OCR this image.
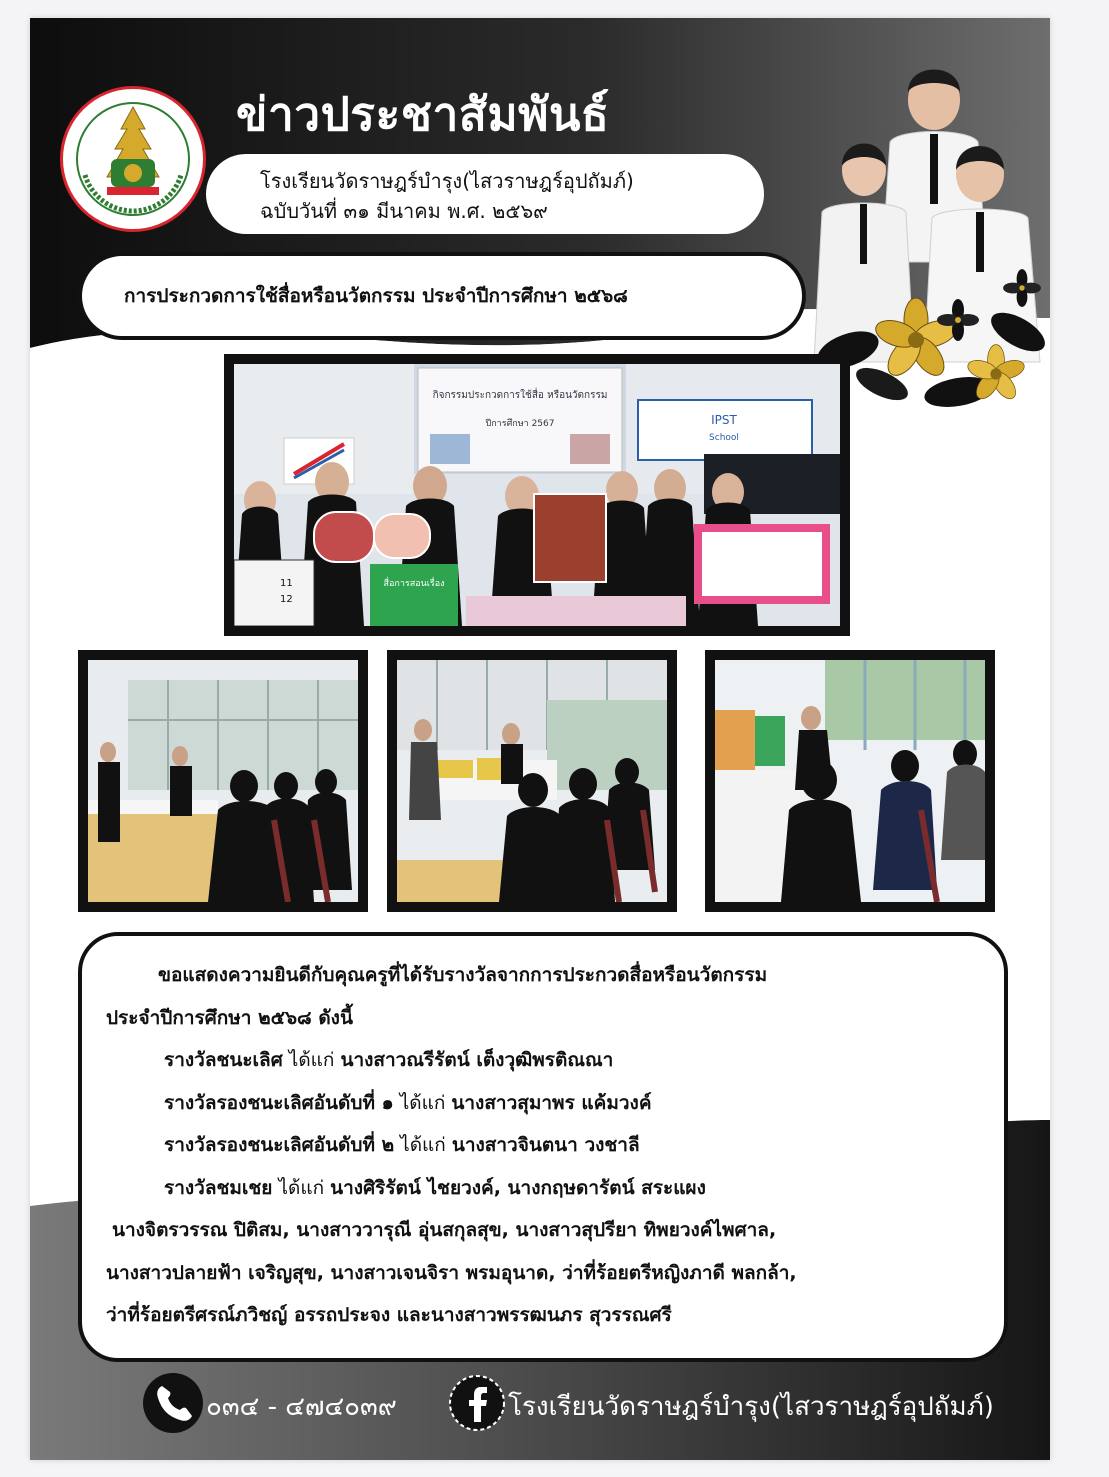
ข่าวประชาสัมพันธ์
โรงเรียนวัดราษฎร์บำรุง(ไสวราษฎร์อุปถัมภ์)
ฉบับวันที่ ๓๑ มีนาคม พ.ศ. ๒๕๖๙
การประกวดการใช้สื่อหรือนวัตกรรม ประจำปีการศึกษา ๒๕๖๘
กิจกรรมประกวดการใช้สื่อ หรือนวัตกรรม
ปีการศึกษา 2567	IPST
School
11
12
สื่อการสอนเรื่อง
ขอแสดงความยินดีกับคุณครูที่ได้รับรางวัลจากการประกวดสื่อหรือนวัตกรรม
ประจำปีการศึกษา ๒๕๖๘ ดังนี้
รางวัลชนะเลิศ ได้แก่ นางสาวณรีรัตน์ เต็งวุฒิพรติณณา
รางวัลรองชนะเลิศอันดับที่ ๑ ได้แก่ นางสาวสุมาพร แค้มวงค์
รางวัลรองชนะเลิศอันดับที่ ๒ ได้แก่ นางสาวจินตนา วงชาลี
รางวัลชมเชย ได้แก่ นางศิริรัตน์ ไชยวงค์, นางกฤษดารัตน์ สระแผง
นางจิตรวรรณ ปิติสม, นางสาววารุณี อุ่นสกุลสุข, นางสาวสุปรียา ทิพยวงค์ไพศาล,
นางสาวปลายฟ้า เจริญสุข, นางสาวเจนจิรา พรมอุนาด, ว่าที่ร้อยตรีหญิงภาดี พลกล้า,
ว่าที่ร้อยตรีศรณ์ภวิชญ์ อรรถประจง และนางสาวพรรฒนภร สุวรรณศรี
๐๓๔ - ๔๗๔๐๓๙	โรงเรียนวัดราษฎร์บำรุง(ไสวราษฎร์อุปถัมภ์)
